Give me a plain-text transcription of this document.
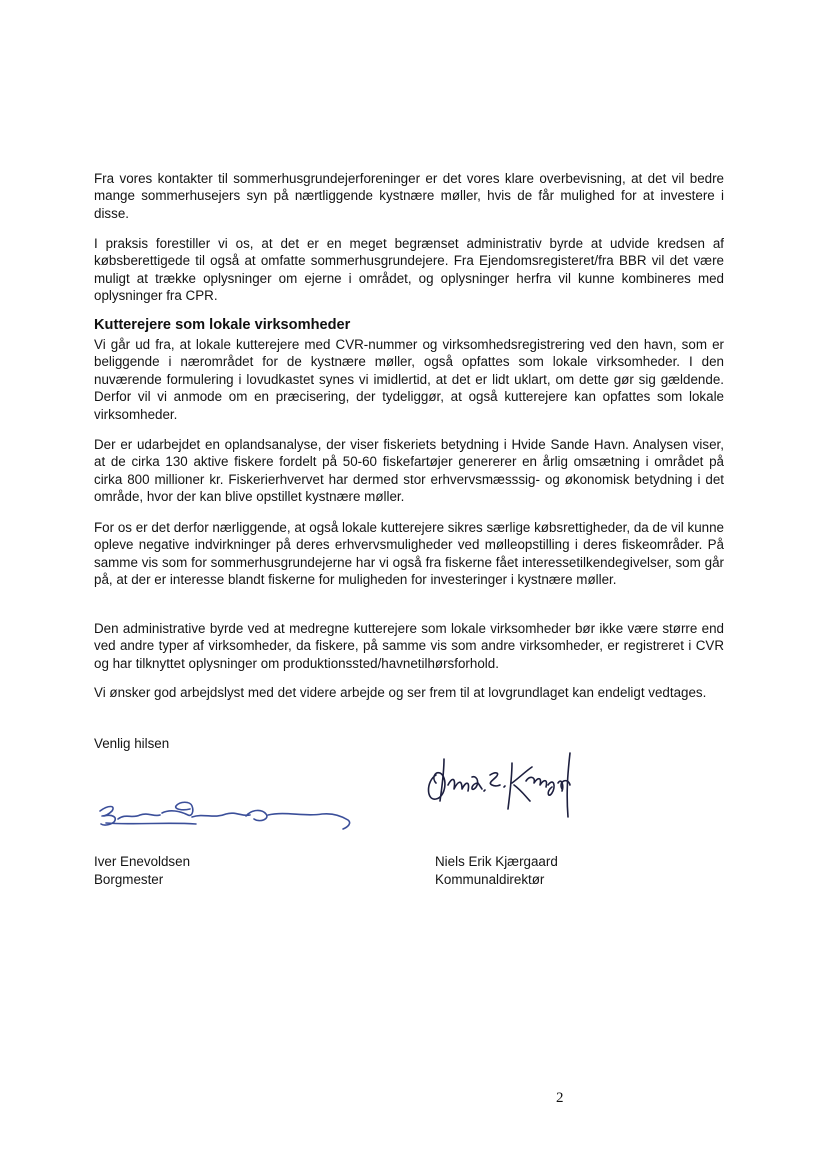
Fra vores kontakter til sommerhusgrundejerforeninger er det vores klare overbevisning, at det vil bedre mange sommerhusejers syn på nærtliggende kystnære møller, hvis de får mulighed for at investere i disse.

I praksis forestiller vi os, at det er en meget begrænset administrativ byrde at udvide kredsen af købsberettigede til også at omfatte sommerhusgrundejere. Fra Ejendomsregisteret/fra BBR vil det være muligt at trække oplysninger om ejerne i området, og oplysninger herfra vil kunne kombineres med oplysninger fra CPR.

Kutterejere som lokale virksomheder

Vi går ud fra, at lokale kutterejere med CVR-nummer og virksomhedsregistrering ved den havn, som er beliggende i nærområdet for de kystnære møller, også opfattes som lokale virksomheder. I den nuværende formulering i lovudkastet synes vi imidlertid, at det er lidt uklart, om dette gør sig gældende. Derfor vil vi anmode om en præcisering, der tydeliggør, at også kutterejere kan opfattes som lokale virksomheder.

Der er udarbejdet en oplandsanalyse, der viser fiskeriets betydning i Hvide Sande Havn. Analysen viser, at de cirka 130 aktive fiskere fordelt på 50-60 fiskefartøjer genererer en årlig omsætning i området på cirka 800 millioner kr. Fiskerierhvervet har dermed stor erhvervsmæsssig- og økonomisk betydning i det område, hvor der kan blive opstillet kystnære møller.

For os er det derfor nærliggende, at også lokale kutterejere sikres særlige købsrettigheder, da de vil kunne opleve negative indvirkninger på deres erhvervsmuligheder ved mølleopstilling i deres fiskeområder. På samme vis som for sommerhusgrundejerne har vi også fra fiskerne fået interessetilkendegivelser, som går på, at der er interesse blandt fiskerne for muligheden for investeringer i kystnære møller.

Den administrative byrde ved at medregne kutterejere som lokale virksomheder bør ikke være større end ved andre typer af virksomheder, da fiskere, på samme vis som andre virksomheder, er registreret i CVR og har tilknyttet oplysninger om produktionssted/havnetilhørsforhold.

Vi ønsker god arbejdslyst med det videre arbejde og ser frem til at lovgrundlaget kan endeligt vedtages.

Venlig hilsen
Iver Enevoldsen
Borgmester
Niels Erik Kjærgaard
Kommunaldirektør
2
